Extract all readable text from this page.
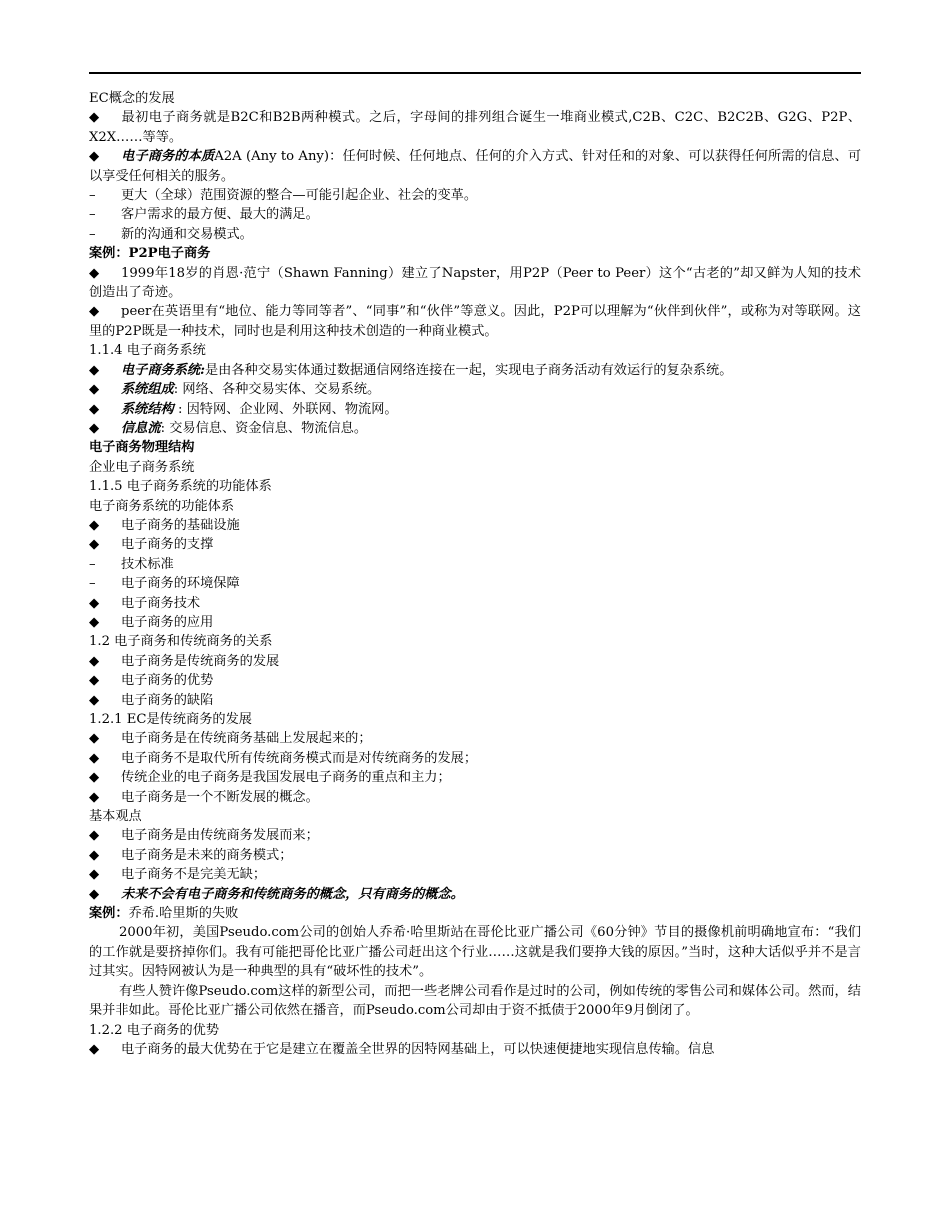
EC概念的发展

◆ 最初电子商务就是B2C和B2B两种模式。之后，字母间的排列组合诞生一堆商业模式,C2B、C2C、B2C2B、G2G、P2P、X2X……等等。

◆ 电子商务的本质A2A (Any to Any)：任何时候、任何地点、任何的介入方式、针对任和的对象、可以获得任何所需的信息、可以享受任何相关的服务。

– 更大（全球）范围资源的整合—可能引起企业、社会的变革。

– 客户需求的最方便、最大的满足。

– 新的沟通和交易模式。

案例：P2P电子商务

◆ 1999年18岁的肖恩·范宁（Shawn Fanning）建立了Napster，用P2P（Peer to Peer）这个“古老的”却又鲜为人知的技术创造出了奇迹。

◆ peer在英语里有“地位、能力等同等者”、“同事”和“伙伴”等意义。因此，P2P可以理解为“伙伴到伙伴”，或称为对等联网。这里的P2P既是一种技术，同时也是利用这种技术创造的一种商业模式。

1.1.4 电子商务系统

◆ 电子商务系统:是由各种交易实体通过数据通信网络连接在一起，实现电子商务活动有效运行的复杂系统。

◆ 系统组成: 网络、各种交易实体、交易系统。

◆ 系统结构 : 因特网、企业网、外联网、物流网。

◆ 信息流: 交易信息、资金信息、物流信息。

电子商务物理结构

企业电子商务系统

1.1.5 电子商务系统的功能体系

电子商务系统的功能体系

◆ 电子商务的基础设施

◆ 电子商务的支撑

– 技术标准

– 电子商务的环境保障

◆ 电子商务技术

◆ 电子商务的应用

1.2 电子商务和传统商务的关系

◆ 电子商务是传统商务的发展

◆ 电子商务的优势

◆ 电子商务的缺陷

1.2.1 EC是传统商务的发展

◆ 电子商务是在传统商务基础上发展起来的；

◆ 电子商务不是取代所有传统商务模式而是对传统商务的发展；

◆ 传统企业的电子商务是我国发展电子商务的重点和主力；

◆ 电子商务是一个不断发展的概念。

基本观点

◆ 电子商务是由传统商务发展而来；

◆ 电子商务是未来的商务模式；

◆ 电子商务不是完美无缺；

◆ 未来不会有电子商务和传统商务的概念，只有商务的概念。

案例：乔希.哈里斯的失败

2000年初，美国Pseudo.com公司的创始人乔希·哈里斯站在哥伦比亚广播公司《60分钟》节目的摄像机前明确地宣布：“我们的工作就是要挤掉你们。我有可能把哥伦比亚广播公司赶出这个行业……这就是我们要挣大钱的原因。”当时，这种大话似乎并不是言过其实。因特网被认为是一种典型的具有“破坏性的技术”。

有些人赞许像Pseudo.com这样的新型公司，而把一些老牌公司看作是过时的公司，例如传统的零售公司和媒体公司。然而，结果并非如此。哥伦比亚广播公司依然在播音，而Pseudo.com公司却由于资不抵债于2000年9月倒闭了。

1.2.2 电子商务的优势

◆ 电子商务的最大优势在于它是建立在覆盖全世界的因特网基础上，可以快速便捷地实现信息传输。信息
